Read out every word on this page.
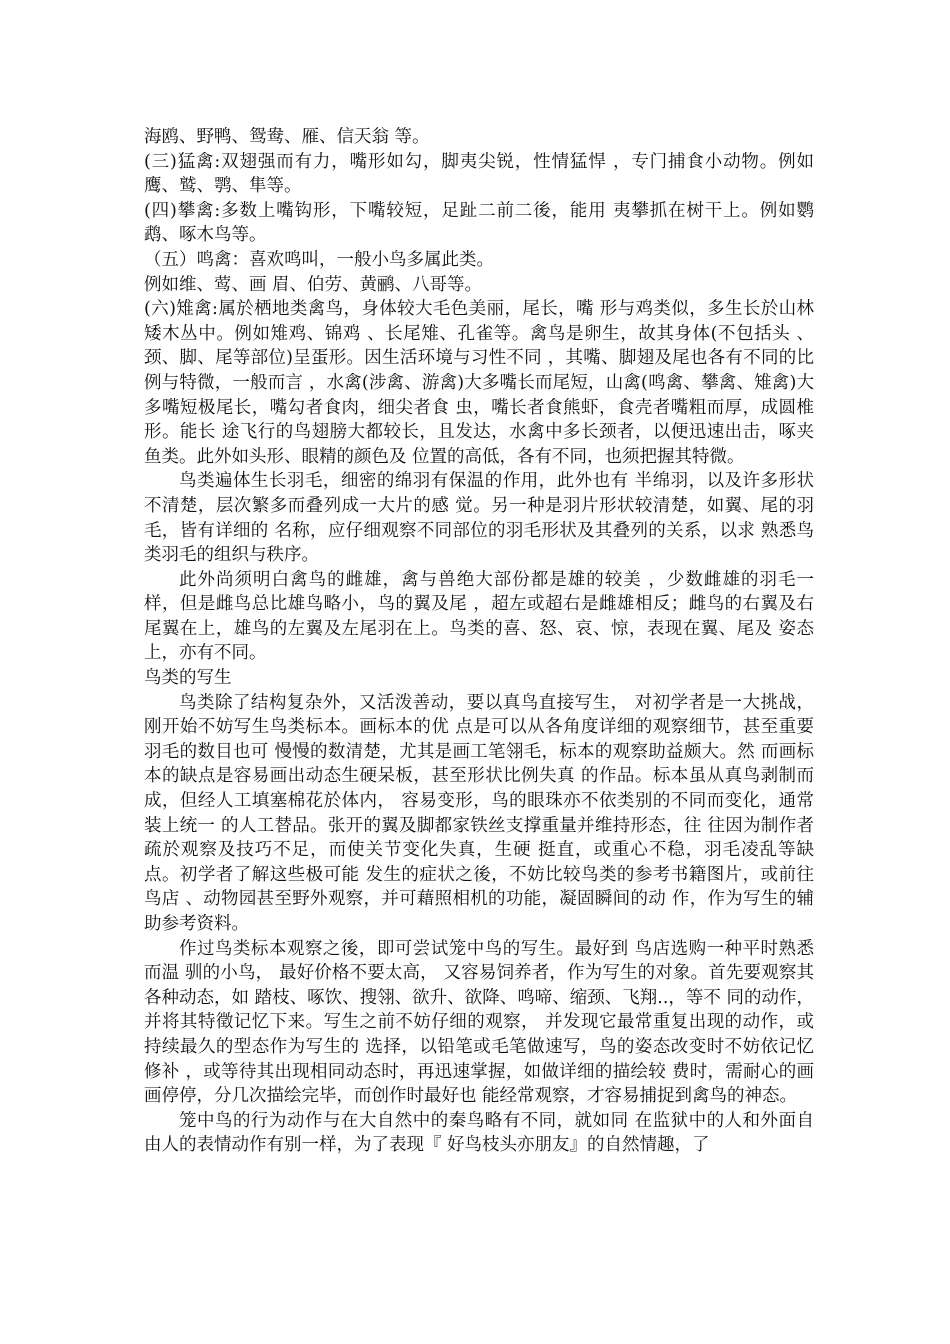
海鸥、野鸭、鸳鸯、雁、信天翁 等。

(三)猛禽:双翅强而有力，嘴形如勾，脚夷尖锐，性情猛悍 ，专门捕食小动物。例如鹰、鹫、鹗、隼等。

(四)攀禽:多数上嘴钩形，下嘴较短，足趾二前二後，能用 夷攀抓在树干上。例如鹦鹉、啄木鸟等。

（五）鸣禽：喜欢鸣叫，一般小鸟多属此类。

例如维、莺、画 眉、伯劳、黄鹂、八哥等。

(六)雉禽:属於栖地类禽鸟，身体较大毛色美丽，尾长，嘴 形与鸡类似，多生长於山林矮木丛中。例如雉鸡、锦鸡 、长尾雉、孔雀等。禽鸟是卵生，故其身体(不包括头 、颈、脚、尾等部位)呈蛋形。因生活环境与习性不同 ，其嘴、脚翅及尾也各有不同的比例与特微，一般而言 ，水禽(涉禽、游禽)大多嘴长而尾短，山禽(鸣禽、攀禽、雉禽)大多嘴短极尾长，嘴勾者食肉，细尖者食 虫，嘴长者食熊虾，食壳者嘴粗而厚，成圆椎形。能长 途飞行的鸟翅膀大都较长，且发达，水禽中多长颈者，以便迅速出击，啄夹鱼类。此外如头形、眼精的颜色及 位置的高低，各有不同，也须把握其特微。

鸟类遍体生长羽毛，细密的绵羽有保温的作用，此外也有 半绵羽，以及许多形状不清楚，层次繁多而叠列成一大片的感 觉。另一种是羽片形状较清楚，如翼、尾的羽毛，皆有详细的 名称，应仔细观察不同部位的羽毛形状及其叠列的关系，以求 熟悉鸟类羽毛的组织与秩序。

此外尚须明白禽鸟的雌雄，禽与兽绝大部份都是雄的较美 ，少数雌雄的羽毛一样，但是雌鸟总比雄鸟略小，鸟的翼及尾 ，超左或超右是雌雄相反；雌鸟的右翼及右尾翼在上，雄鸟的左翼及左尾羽在上。鸟类的喜、怒、哀、惊，表现在翼、尾及 姿态上，亦有不同。

鸟类的写生

鸟类除了结构复杂外，又活泼善动，要以真鸟直接写生， 对初学者是一大挑战，刚开始不妨写生鸟类标本。画标本的优 点是可以从各角度详细的观察细节，甚至重要羽毛的数目也可 慢慢的数清楚，尤其是画工笔翎毛，标本的观察助益颇大。然 而画标本的缺点是容易画出动态生硬呆板，甚至形状比例失真 的作品。标本虽从真鸟剥制而成，但经人工填塞棉花於体内， 容易变形，鸟的眼珠亦不依类别的不同而变化，通常装上统一 的人工替品。张开的翼及脚都家铁丝支撑重量并维持形态，往 往因为制作者疏於观察及技巧不足，而使关节变化失真，生硬 挺直，或重心不稳，羽毛凌乱等缺点。初学者了解这些极可能 发生的症状之後，不妨比较鸟类的参考书籍图片，或前往鸟店 、动物园甚至野外观察，并可藉照相机的功能，凝固瞬间的动 作，作为写生的辅助参考资料。

作过鸟类标本观察之後，即可尝试笼中鸟的写生。最好到 鸟店选购一种平时熟悉而温 驯的小鸟， 最好价格不要太高， 又容易饲养者，作为写生的对象。首先要观察其各种动态，如 踏枝、啄饮、搜翎、欲升、欲降、鸣啼、缩颈、飞翔..，等不 同的动作，并将其特徵记忆下来。写生之前不妨仔细的观察， 并发现它最常重复出现的动作，或持续最久的型态作为写生的 选择，以铅笔或毛笔做速写，鸟的姿态改变时不妨依记忆修补 ，或等待其出现相同动态时，再迅速掌握，如做详细的描绘较 费时，需耐心的画画停停，分几次描绘完毕，而创作时最好也 能经常观察，才容易捕捉到禽鸟的神态。

笼中鸟的行为动作与在大自然中的秦鸟略有不同，就如同 在监狱中的人和外面自由人的表情动作有别一样，为了表现『 好鸟枝头亦朋友』的自然情趣，了
